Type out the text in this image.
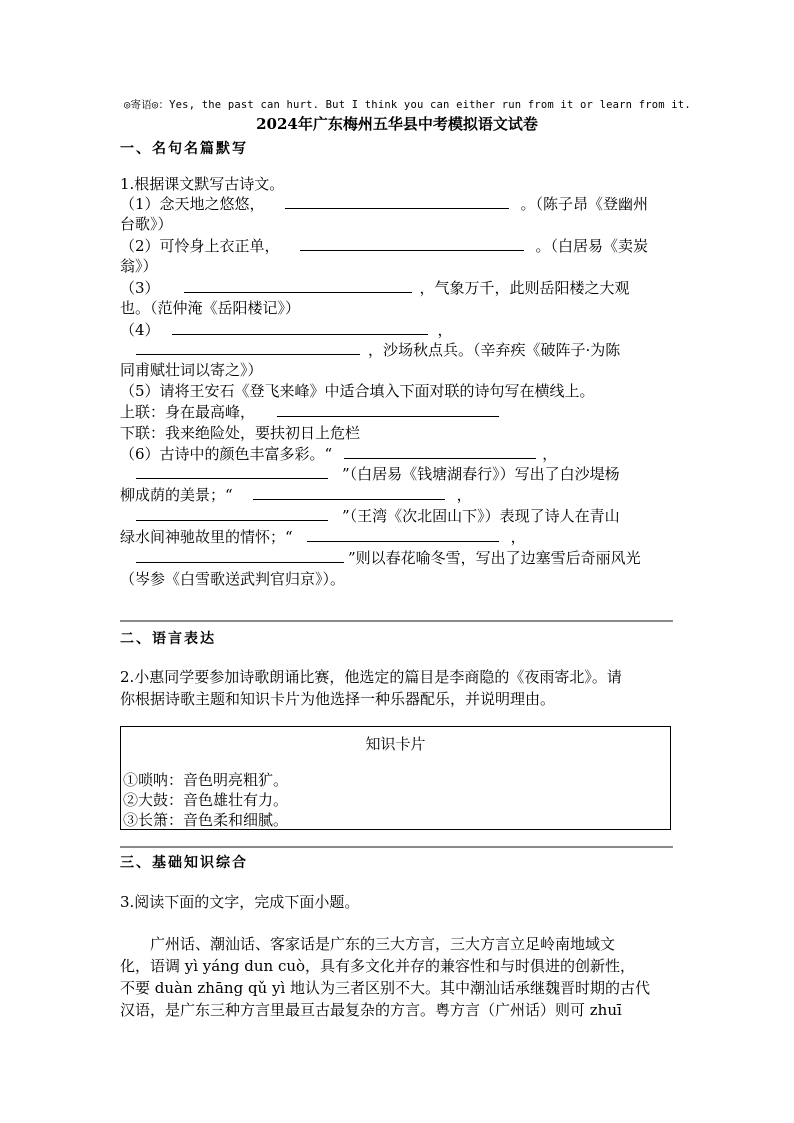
◎寄语◎：Yes, the past can hurt. But I think you can either run from it or learn from it.
2024年广东梅州五华县中考模拟语文试卷
一、名句名篇默写
1.根据课文默写古诗文。
（1）念天地之悠悠，	。（陈子昂《登幽州
台歌》）
（2）可怜身上衣正单，	。（白居易《卖炭
翁》）
（3）	，气象万千，此则岳阳楼之大观
也。（范仲淹《岳阳楼记》）
（4）	，
，沙场秋点兵。（辛弃疾《破阵子·为陈
同甫赋壮词以寄之》）
（5）请将王安石《登飞来峰》中适合填入下面对联的诗句写在横线上。
上联：身在最高峰，
下联：我来绝险处，要扶初日上危栏
（6）古诗中的颜色丰富多彩。“	，
”（白居易《钱塘湖春行》）写出了白沙堤杨
柳成荫的美景；“	，
”（王湾《次北固山下》）表现了诗人在青山
绿水间神驰故里的情怀；“	，
”则以春花喻冬雪，写出了边塞雪后奇丽风光
（岑参《白雪歌送武判官归京》）。
二、语言表达
2.小惠同学要参加诗歌朗诵比赛，他选定的篇目是李商隐的《夜雨寄北》。请
你根据诗歌主题和知识卡片为他选择一种乐器配乐，并说明理由。
知识卡片
①唢呐：音色明亮粗犷。
②大鼓：音色雄壮有力。
③长箫：音色柔和细腻。
三、基础知识综合
3.阅读下面的文字，完成下面小题。
　　广州话、潮汕话、客家话是广东的三大方言，三大方言立足岭南地域文
化，语调 yì yáng dun cuò，具有多文化并存的兼容性和与时俱进的创新性，
不要 duàn zhāng qǔ yì 地认为三者区别不大。其中潮汕话承继魏晋时期的古代
汉语，是广东三种方言里最亘古最复杂的方言。粤方言（广州话）则可 zhuī
